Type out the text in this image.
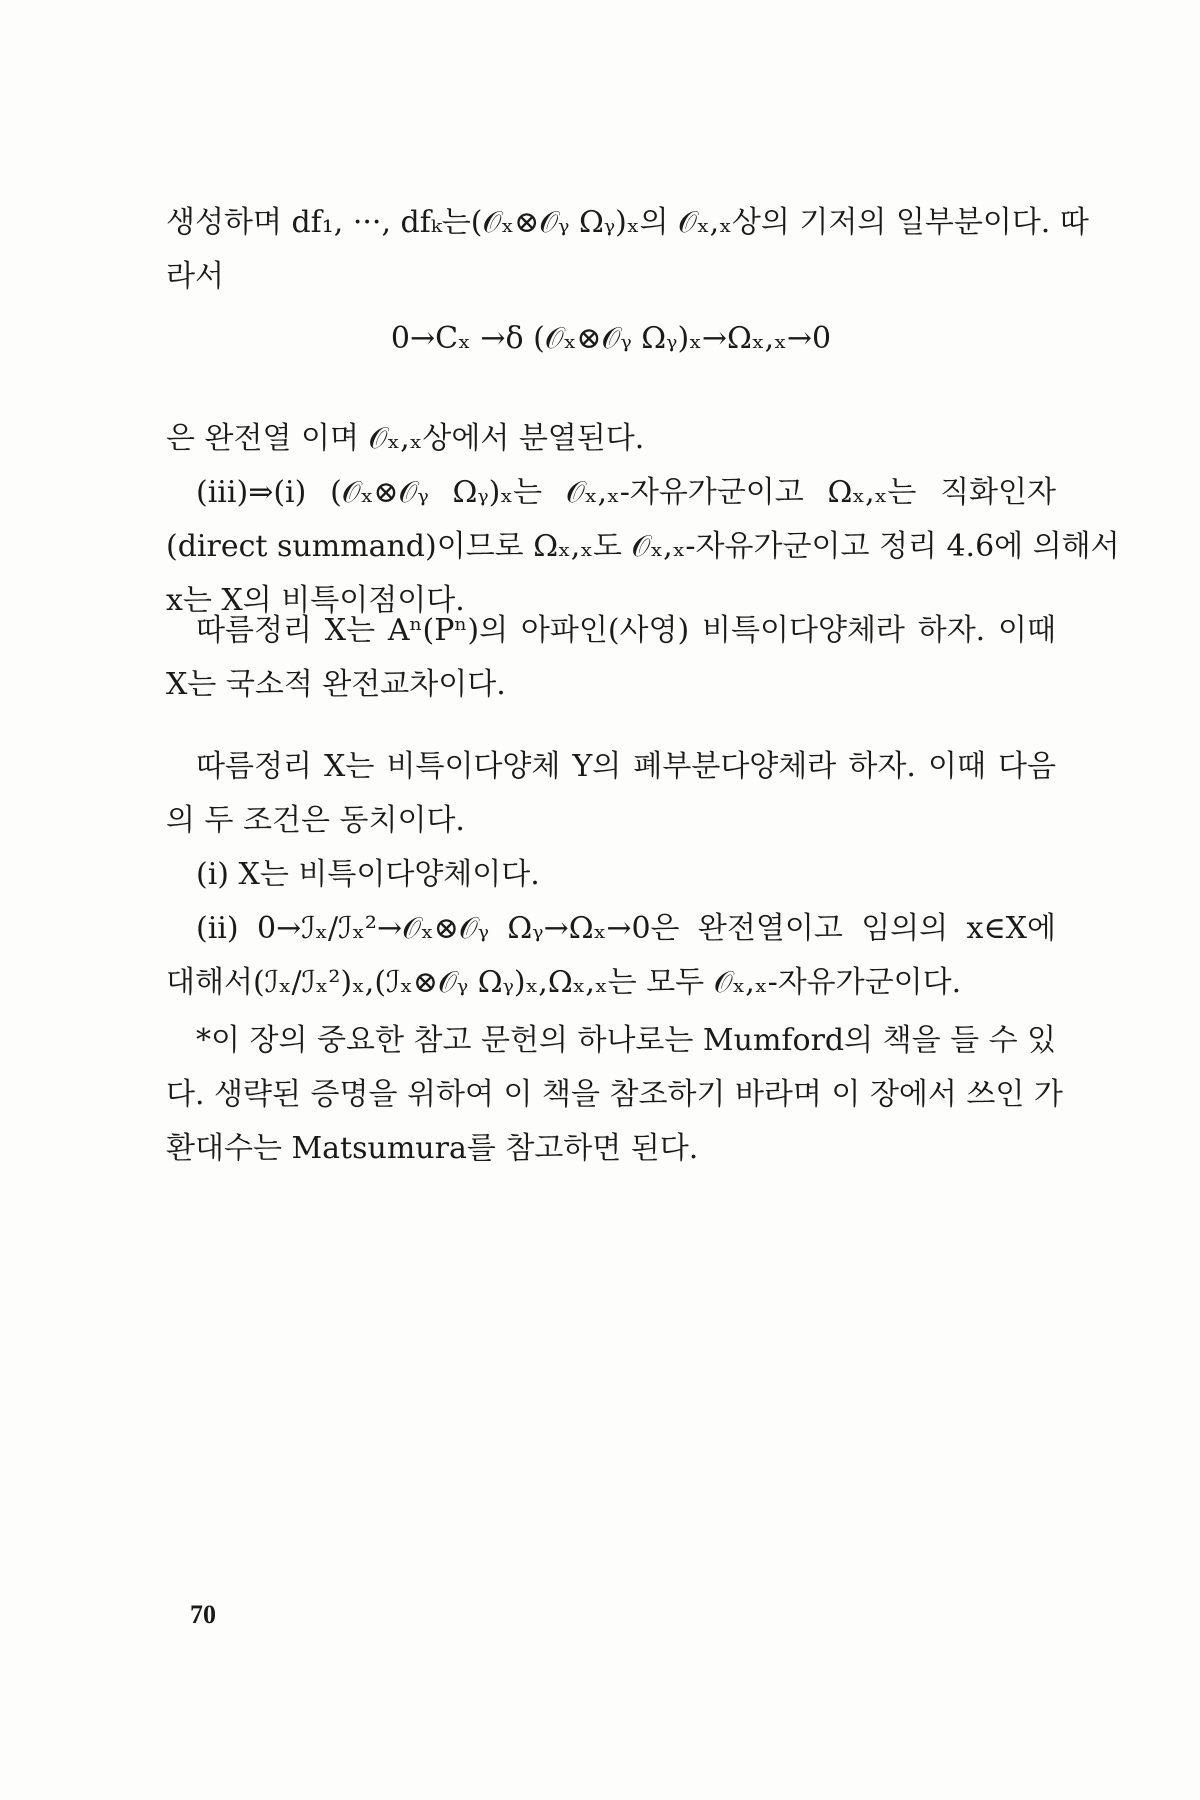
생성하며 df₁, ···, dfₖ는(𝒪ₓ⊗𝒪ᵧ Ωᵧ)ₓ의 𝒪ₓ,ₓ상의 기저의 일부분이다. 따
라서
0→Cₓ →δ (𝒪ₓ⊗𝒪ᵧ Ωᵧ)ₓ→Ωₓ,ₓ→0
은 완전열 이며 𝒪ₓ,ₓ상에서 분열된다.
(iii)⇒(i) (𝒪ₓ⊗𝒪ᵧ Ωᵧ)ₓ는 𝒪ₓ,ₓ-자유가군이고 Ωₓ,ₓ는 직화인자
(direct summand)이므로 Ωₓ,ₓ도 𝒪ₓ,ₓ-자유가군이고 정리 4.6에 의해서
x는 X의 비특이점이다.
따름정리 X는 Aⁿ(Pⁿ)의 아파인(사영) 비특이다양체라 하자. 이때
X는 국소적 완전교차이다.
따름정리 X는 비특이다양체 Y의 폐부분다양체라 하자. 이때 다음
의 두 조건은 동치이다.
(i) X는 비특이다양체이다.
(ii) 0→ℐₓ/ℐₓ²→𝒪ₓ⊗𝒪ᵧ Ωᵧ→Ωₓ→0은 완전열이고 임의의 x∈X에
대해서(ℐₓ/ℐₓ²)ₓ,(ℐₓ⊗𝒪ᵧ Ωᵧ)ₓ,Ωₓ,ₓ는 모두 𝒪ₓ,ₓ-자유가군이다.
*이 장의 중요한 참고 문헌의 하나로는 Mumford의 책을 들 수 있
다. 생략된 증명을 위하여 이 책을 참조하기 바라며 이 장에서 쓰인 가
환대수는 Matsumura를 참고하면 된다.
70
